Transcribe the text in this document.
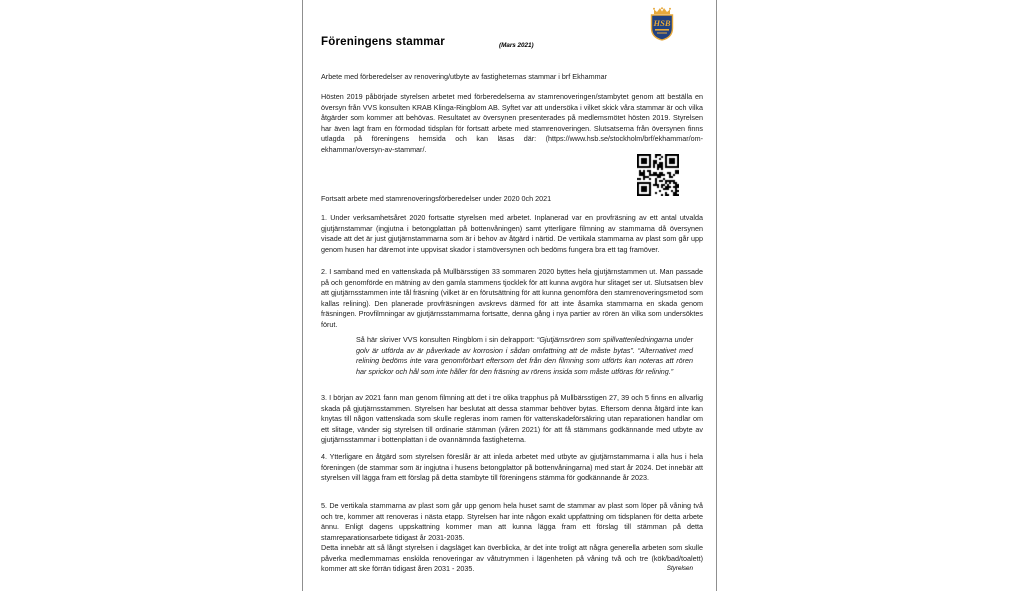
HSB
Föreningens stammar	(Mars 2021)
Arbete med förberedelser av renovering/utbyte av fastigheternas stammar i brf Ekhammar
Hösten 2019 påbörjade styrelsen arbetet med förberedelserna av stamrenoveringen/stambytet genom att beställa en översyn från VVS konsulten KRAB Klinga-Ringblom AB. Syftet var att undersöka i vilket skick våra stammar är och vilka åtgärder som kommer att behövas. Resultatet av översynen presenterades på medlemsmötet hösten 2019. Styrelsen har även lagt fram en förmodad tidsplan för fortsatt arbete med stamrenoveringen. Slutsatserna från översynen finns utlagda på föreningens hemsida och kan läsas där: (https://www.hsb.se/stockholm/brf/ekhammar/om-ekhammar/oversyn-av-stammar/.
Fortsatt arbete med stamrenoveringsförberedelser under 2020 0ch 2021
1. Under verksamhetsåret 2020 fortsatte styrelsen med arbetet. Inplanerad var en provfräsning av ett antal utvalda gjutjärnstammar (ingjutna i betongplattan på bottenvåningen) samt ytterligare filmning av stammarna då översynen visade att det är just gjutjärnstammarna som är i behov av åtgärd i närtid. De vertikala stammarna av plast som går upp genom husen har däremot inte uppvisat skador i stamöversynen och bedöms fungera bra ett tag framöver.
2. I samband med en vattenskada på Mullbärsstigen 33 sommaren 2020 byttes hela gjutjärnstammen ut. Man passade på och genomförde en mätning av den gamla stammens tjocklek för att kunna avgöra hur slitaget ser ut. Slutsatsen blev att gjutjärnsstammen inte tål fräsning (vilket är en förutsättning för att kunna genomföra den stamrenoveringsmetod som kallas relining). Den planerade provfräsningen avskrevs därmed för att inte åsamka stammarna en skada genom fräsningen. Provfilmningar av gjutjärnsstammarna fortsatte, denna gång i nya partier av rören än vilka som undersöktes förut.
Så här skriver VVS konsulten Ringblom i sin delrapport: “Gjutjärnsrören som spillvattenledningarna under golv är utförda av är påverkade av korrosion i sådan omfattning att de måste bytas”. “Alternativet med relining bedöms inte vara genomförbart eftersom det från den filmning som utförts kan noteras att rören har sprickor och hål som inte håller för den fräsning av rörens insida som måste utföras för relining.”
3. I början av 2021 fann man genom filmning att det i tre olika trapphus på Mullbärsstigen 27, 39 och 5 finns en allvarlig skada på gjutjärnsstammen. Styrelsen har beslutat att dessa stammar behöver bytas. Eftersom denna åtgärd inte kan knytas till någon vattenskada som skulle regleras inom ramen för vattenskadeförsäkring utan reparationen handlar om ett slitage, vänder sig styrelsen till ordinarie stämman (våren 2021) för att få stämmans godkännande med utbyte av gjutjärnsstammar i bottenplattan i de ovannämnda fastigheterna.
4. Ytterligare en åtgärd som styrelsen föreslår är att inleda arbetet med utbyte av gjutjärnstammarna i alla hus i hela föreningen (de stammar som är ingjutna i husens betongplattor på bottenvåningarna) med start år 2024. Det innebär att styrelsen vill lägga fram ett förslag på detta stambyte till föreningens stämma för godkännande år 2023.
5. De vertikala stammarna av plast som går upp genom hela huset samt de stammar av plast som löper på våning två och tre, kommer att renoveras i nästa etapp. Styrelsen har inte någon exakt uppfattning om tidsplanen för detta arbete ännu. Enligt dagens uppskattning kommer man att kunna lägga fram ett förslag till stämman på detta stamreparationsarbete tidigast år 2031-2035.
Detta innebär att så långt styrelsen i dagsläget kan överblicka, är det inte troligt att några generella arbeten som skulle påverka medlemmarnas enskilda renoveringar av våtutrymmen i lägenheten på våning två och tre (kök/bad/toalett) kommer att ske förrän tidigast åren 2031 - 2035.	Styrelsen
